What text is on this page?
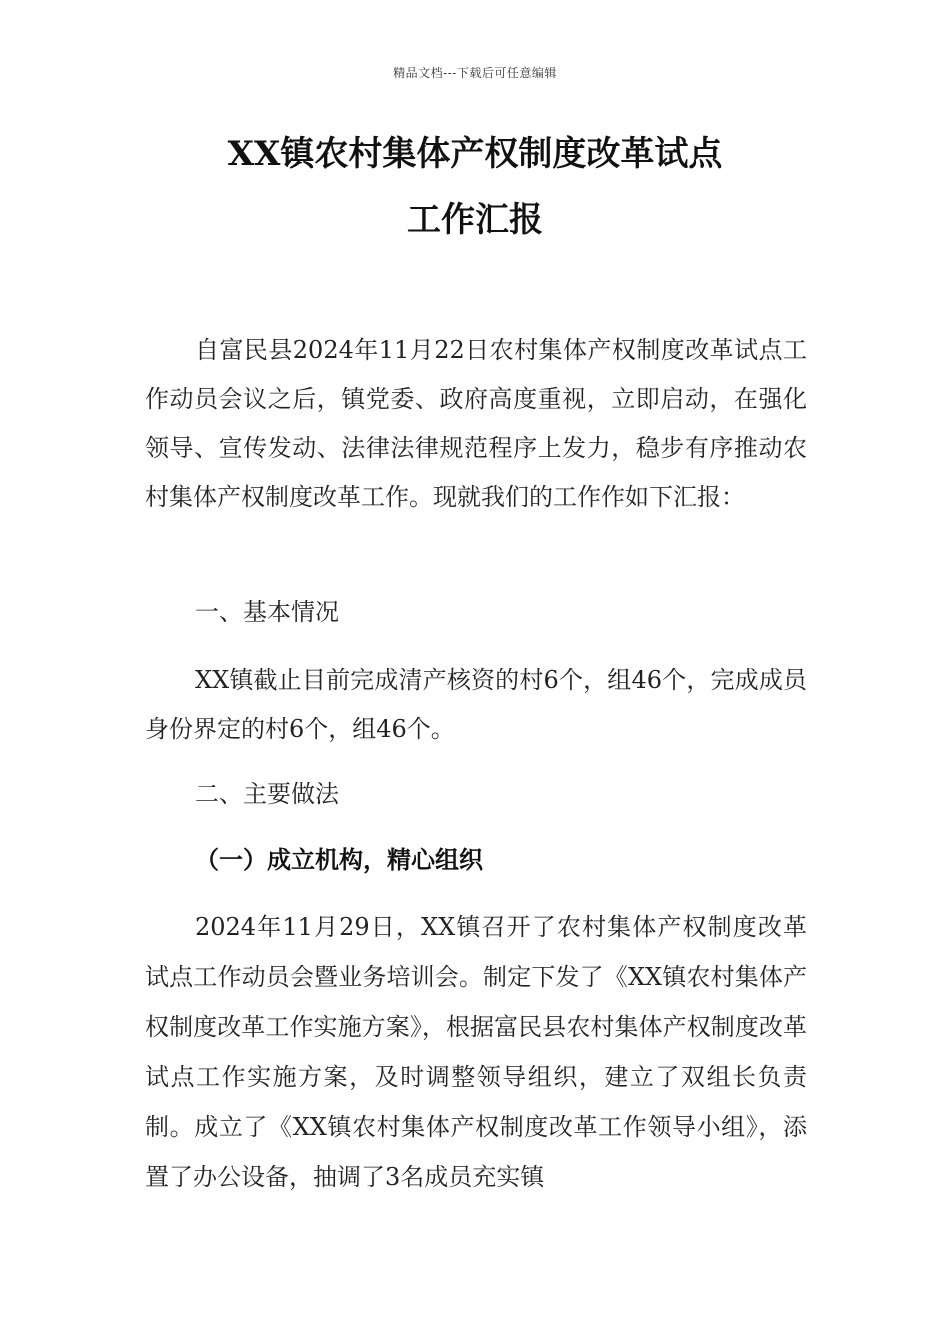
精品文档---下载后可任意编辑
XX镇农村集体产权制度改革试点
工作汇报

自富民县2024年11月22日农村集体产权制度改革试点工作动员会议之后，镇党委、政府高度重视，立即启动，在强化领导、宣传发动、法律法律规范程序上发力，稳步有序推动农村集体产权制度改革工作。现就我们的工作作如下汇报：

一、基本情况

XX镇截止目前完成清产核资的村6个，组46个，完成成员身份界定的村6个，组46个。

二、主要做法

（一）成立机构，精心组织

2024年11月29日，XX镇召开了农村集体产权制度改革试点工作动员会暨业务培训会。制定下发了《XX镇农村集体产权制度改革工作实施方案》，根据富民县农村集体产权制度改革试点工作实施方案，及时调整领导组织，建立了双组长负责制。成立了《XX镇农村集体产权制度改革工作领导小组》，添置了办公设备，抽调了3名成员充实镇
